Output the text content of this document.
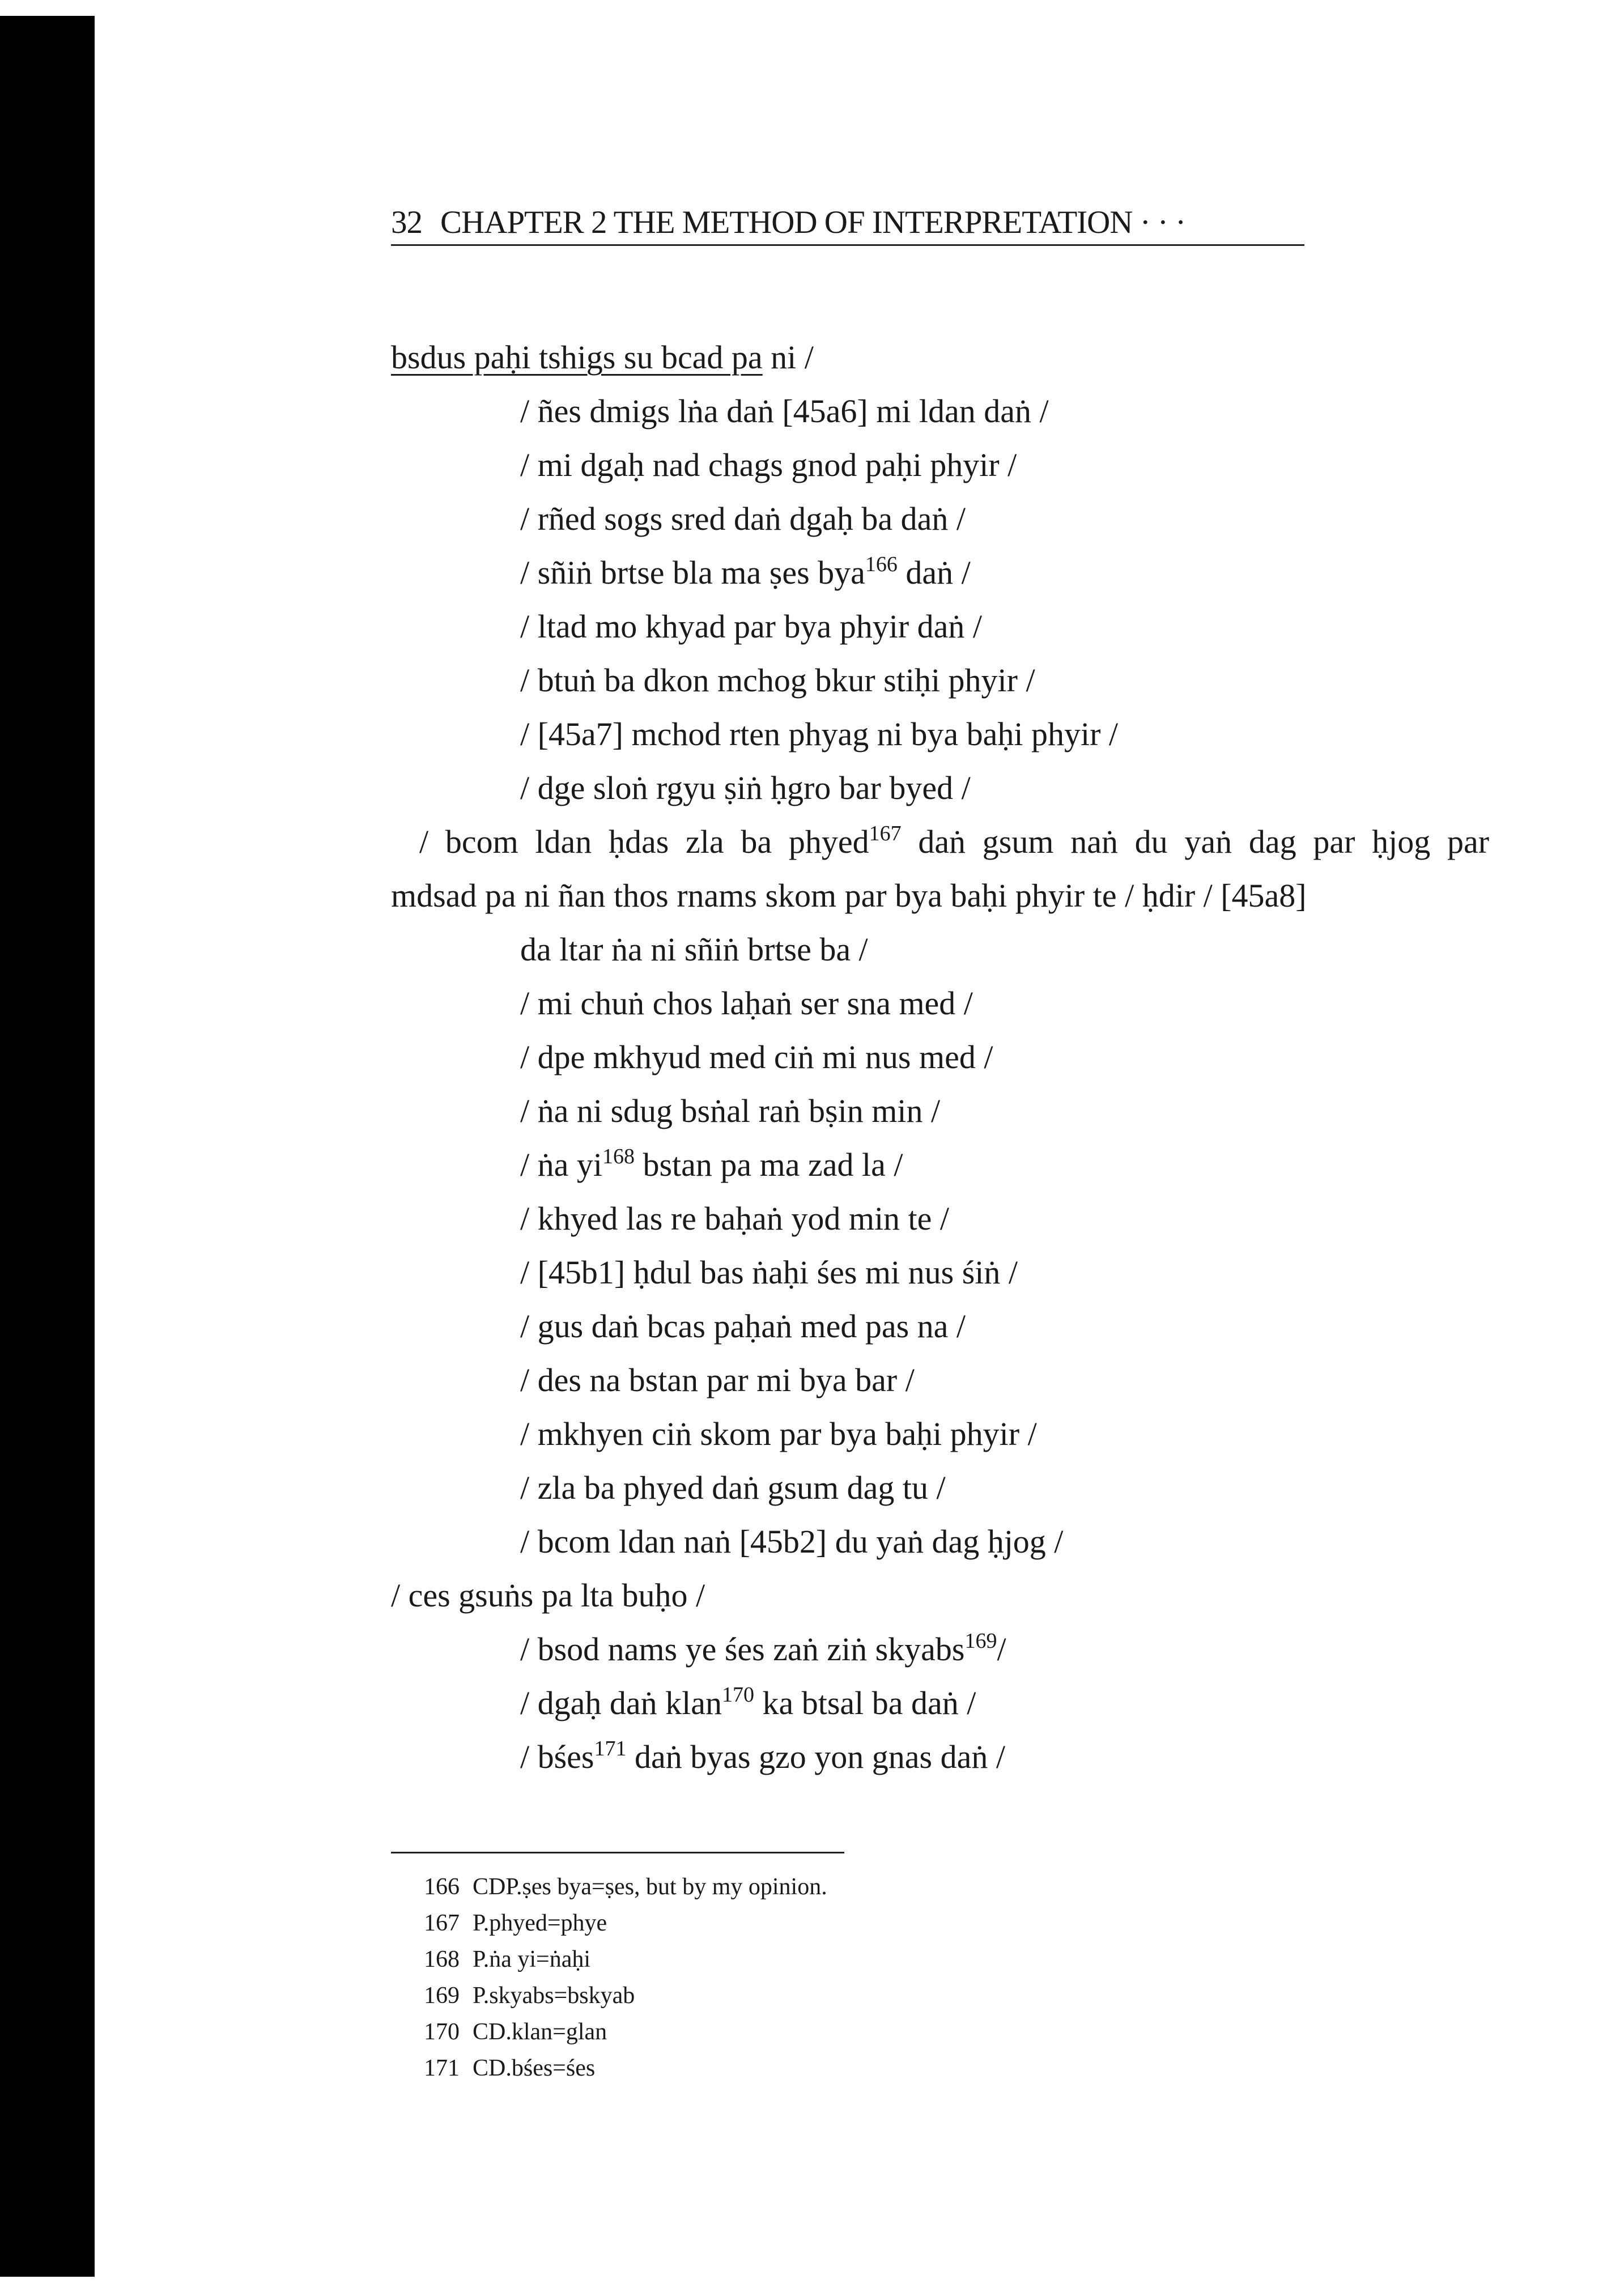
32 CHAPTER 2 THE METHOD OF INTERPRETATION · · ·
bsdus paḥi tshigs su bcad pa ni /
/ ñes dmigs lṅa daṅ [45a6] mi ldan daṅ /
/ mi dgaḥ nad chags gnod paḥi phyir /
/ rñed sogs sred daṅ dgaḥ ba daṅ /
/ sñiṅ brtse bla ma ṣes bya$^{166}$ daṅ /
/ ltad mo khyad par bya phyir daṅ /
/ btuṅ ba dkon mchog bkur stiḥi phyir /
/ [45a7] mchod rten phyag ni bya baḥi phyir /
/ dge sloṅ rgyu ṣiṅ ḥgro bar byed /
/ bcom ldan ḥdas zla ba phyed$^{167}$ daṅ gsum naṅ du yaṅ dag par ḥjog par
mdsad pa ni ñan thos rnams skom par bya baḥi phyir te / ḥdir / [45a8]
da ltar ṅa ni sñiṅ brtse ba /
/ mi chuṅ chos laḥaṅ ser sna med /
/ dpe mkhyud med ciṅ mi nus med /
/ ṅa ni sdug bsṅal raṅ bṣin min /
/ ṅa $yi^{168}$ bstan pa ma zad la /
/ khyed las re baḥaṅ yod min te /
/ [45b1] ḥdul bas ṅaḥi śes mi nus śiṅ /
/ gus daṅ bcas paḥaṅ med pas na /
/ des na bstan par mi bya bar /
/ mkhyen ciṅ skom par bya baḥi phyir /
/ zla ba phyed daṅ gsum dag tu /
/ bcom ldan naṅ [45b2] du yaṅ dag ḥjog /
/ ces gsuṅs pa lta buḥo /
/ bsod nams ye śes zaṅ ziṅ skyabs$^{169}$/
/ dgaḥ daṅ klan$^{170}$ ka btsal ba daṅ /
/ bśes$^{171}$ daṅ byas gzo yon gnas daṅ /
166 CDP.ṣes bya=ṣes, but by my opinion.
167 P.phyed=phye
168 P.ṅa yi=ṅaḥi
169 P.skyabs=bskyab
170 CD.klan=glan
171 CD.bśes=śes
